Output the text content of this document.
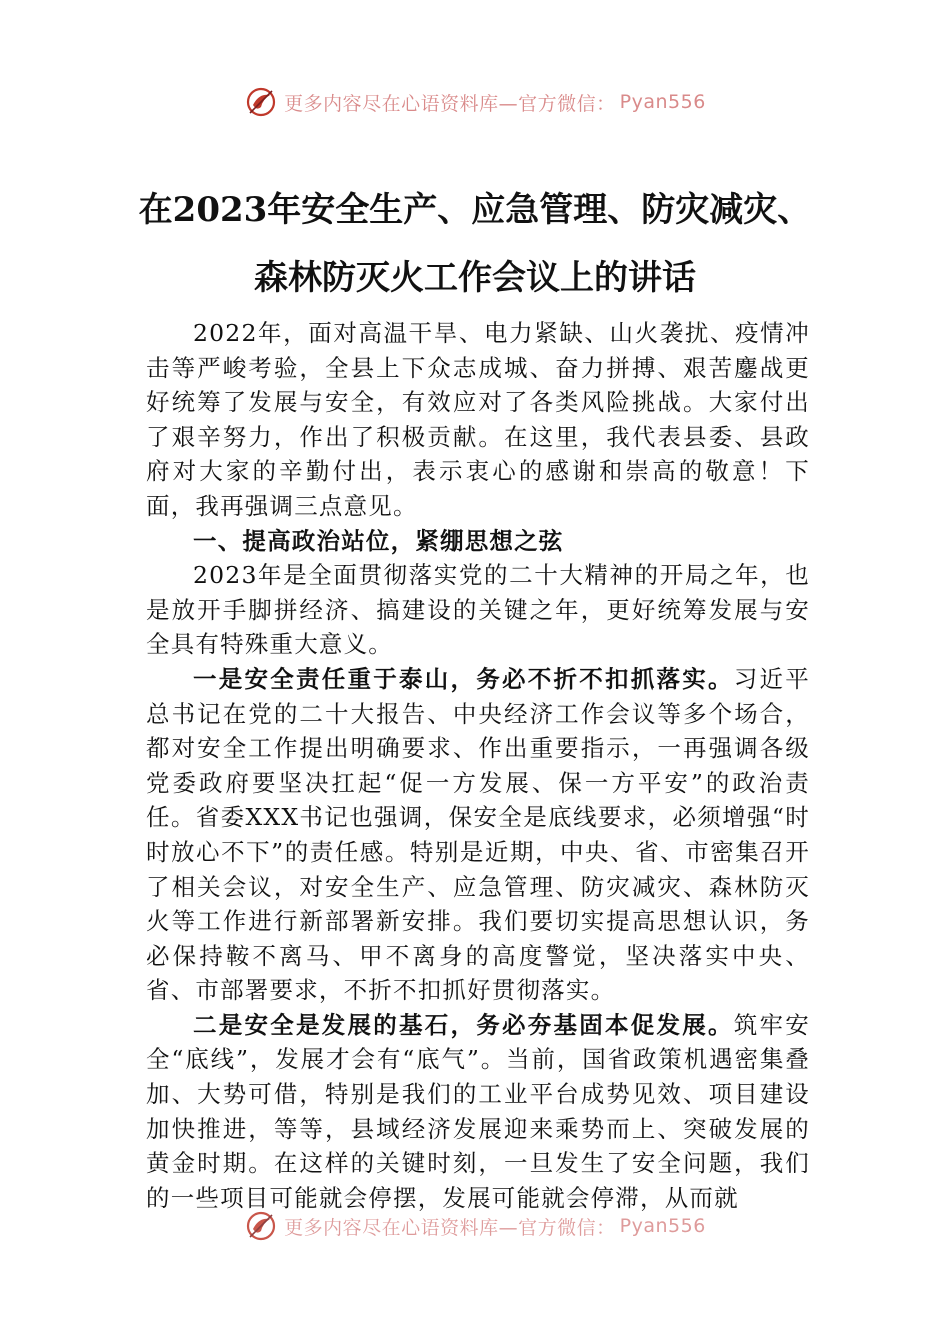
更多内容尽在心语资料库—官方微信： Pyan556
在2023年安全生产、应急管理、防灾减灾、
森林防灭火工作会议上的讲话

2022年，面对高温干旱、电力紧缺、山火袭扰、疫情冲击等严峻考验，全县上下众志成城、奋力拼搏、艰苦鏖战更好统筹了发展与安全，有效应对了各类风险挑战。大家付出了艰辛努力，作出了积极贡献。在这里，我代表县委、县政府对大家的辛勤付出，表示衷心的感谢和崇高的敬意！下面，我再强调三点意见。

一、提高政治站位，紧绷思想之弦

2023年是全面贯彻落实党的二十大精神的开局之年，也是放开手脚拼经济、搞建设的关键之年，更好统筹发展与安全具有特殊重大意义。

一是安全责任重于泰山，务必不折不扣抓落实。习近平总书记在党的二十大报告、中央经济工作会议等多个场合，都对安全工作提出明确要求、作出重要指示，一再强调各级党委政府要坚决扛起“促一方发展、保一方平安”的政治责任。省委XXX书记也强调，保安全是底线要求，必须增强“时时放心不下”的责任感。特别是近期，中央、省、市密集召开了相关会议，对安全生产、应急管理、防灾减灾、森林防灭火等工作进行新部署新安排。我们要切实提高思想认识，务必保持鞍不离马、甲不离身的高度警觉，坚决落实中央、省、市部署要求，不折不扣抓好贯彻落实。

二是安全是发展的基石，务必夯基固本促发展。筑牢安全“底线”，发展才会有“底气”。当前，国省政策机遇密集叠加、大势可借，特别是我们的工业平台成势见效、项目建设加快推进，等等，县域经济发展迎来乘势而上、突破发展的黄金时期。在这样的关键时刻，一旦发生了安全问题，我们的一些项目可能就会停摆，发展可能就会停滞，从而就

更多内容尽在心语资料库—官方微信： Pyan556
